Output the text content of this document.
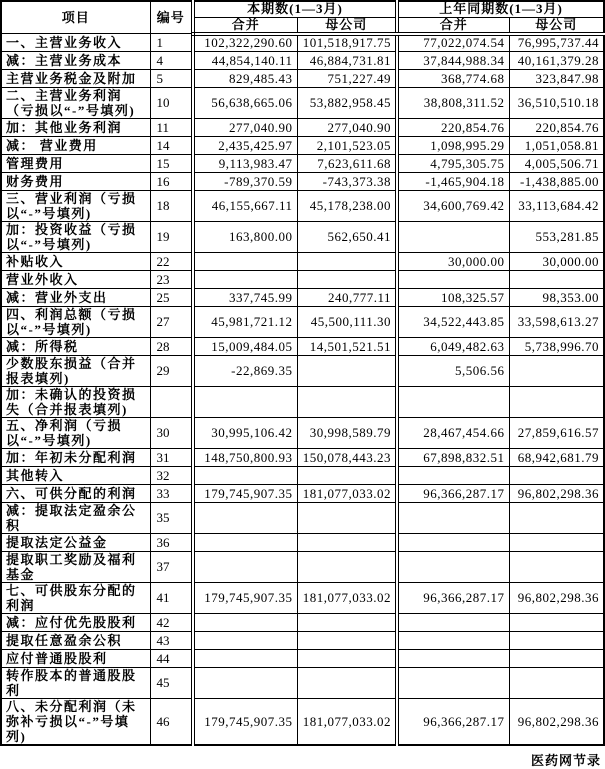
项目	编号	本期数(1—3月)		上年同期数(1—3月)	
		合并	母公司	合并	母公司
一、主营业务收入	1	102,322,290.60	101,518,917.75	77,022,074.54	76,995,737.44
减：主营业务成本	4	44,854,140.11	46,884,731.81	37,844,988.34	40,161,379.28
主营业务税金及附加	5	829,485.43	751,227.49	368,774.68	323,847.98
二、主营业务利润（亏损以“-”号填列)	10	56,638,665.06	53,882,958.45	38,808,311.52	36,510,510.18
加：其他业务利润	11	277,040.90	277,040.90	220,854.76	220,854.76
减： 营业费用	14	2,435,425.97	2,101,523.05	1,098,995.29	1,051,058.81
管理费用	15	9,113,983.47	7,623,611.68	4,795,305.75	4,005,506.71
财务费用	16	-789,370.59	-743,373.38	-1,465,904.18	-1,438,885.00
三、营业利润（亏损以“-”号填列)	18	46,155,667.11	45,178,238.00	34,600,769.42	33,113,684.42
加：投资收益（亏损以“-”号填列)	19	163,800.00	562,650.41		553,281.85
补贴收入	22			30,000.00	30,000.00
营业外收入	23				
减：营业外支出	25	337,745.99	240,777.11	108,325.57	98,353.00
四、利润总额（亏损以“-”号填列)	27	45,981,721.12	45,500,111.30	34,522,443.85	33,598,613.27
减：所得税	28	15,009,484.05	14,501,521.51	6,049,482.63	5,738,996.70
少数股东损益（合并报表填列)	29	-22,869.35		5,506.56	
加：未确认的投资损失（合并报表填列)					
五、净利润（亏损以“-”号填列)	30	30,995,106.42	30,998,589.79	28,467,454.66	27,859,616.57
加：年初未分配利润	31	148,750,800.93	150,078,443.23	67,898,832.51	68,942,681.79
其他转入	32				
六、可供分配的利润	33	179,745,907.35	181,077,033.02	96,366,287.17	96,802,298.36
减：提取法定盈余公积	35				
提取法定公益金	36				
提取职工奖励及福利基金	37				
七、可供股东分配的利润	41	179,745,907.35	181,077,033.02	96,366,287.17	96,802,298.36
减：应付优先股股利	42				
提取任意盈余公积	43				
应付普通股股利	44				
转作股本的普通股股利	45				
八、未分配利润（未弥补亏损以“-”号填列)	46	179,745,907.35	181,077,033.02	96,366,287.17	96,802,298.36
医药网节录
